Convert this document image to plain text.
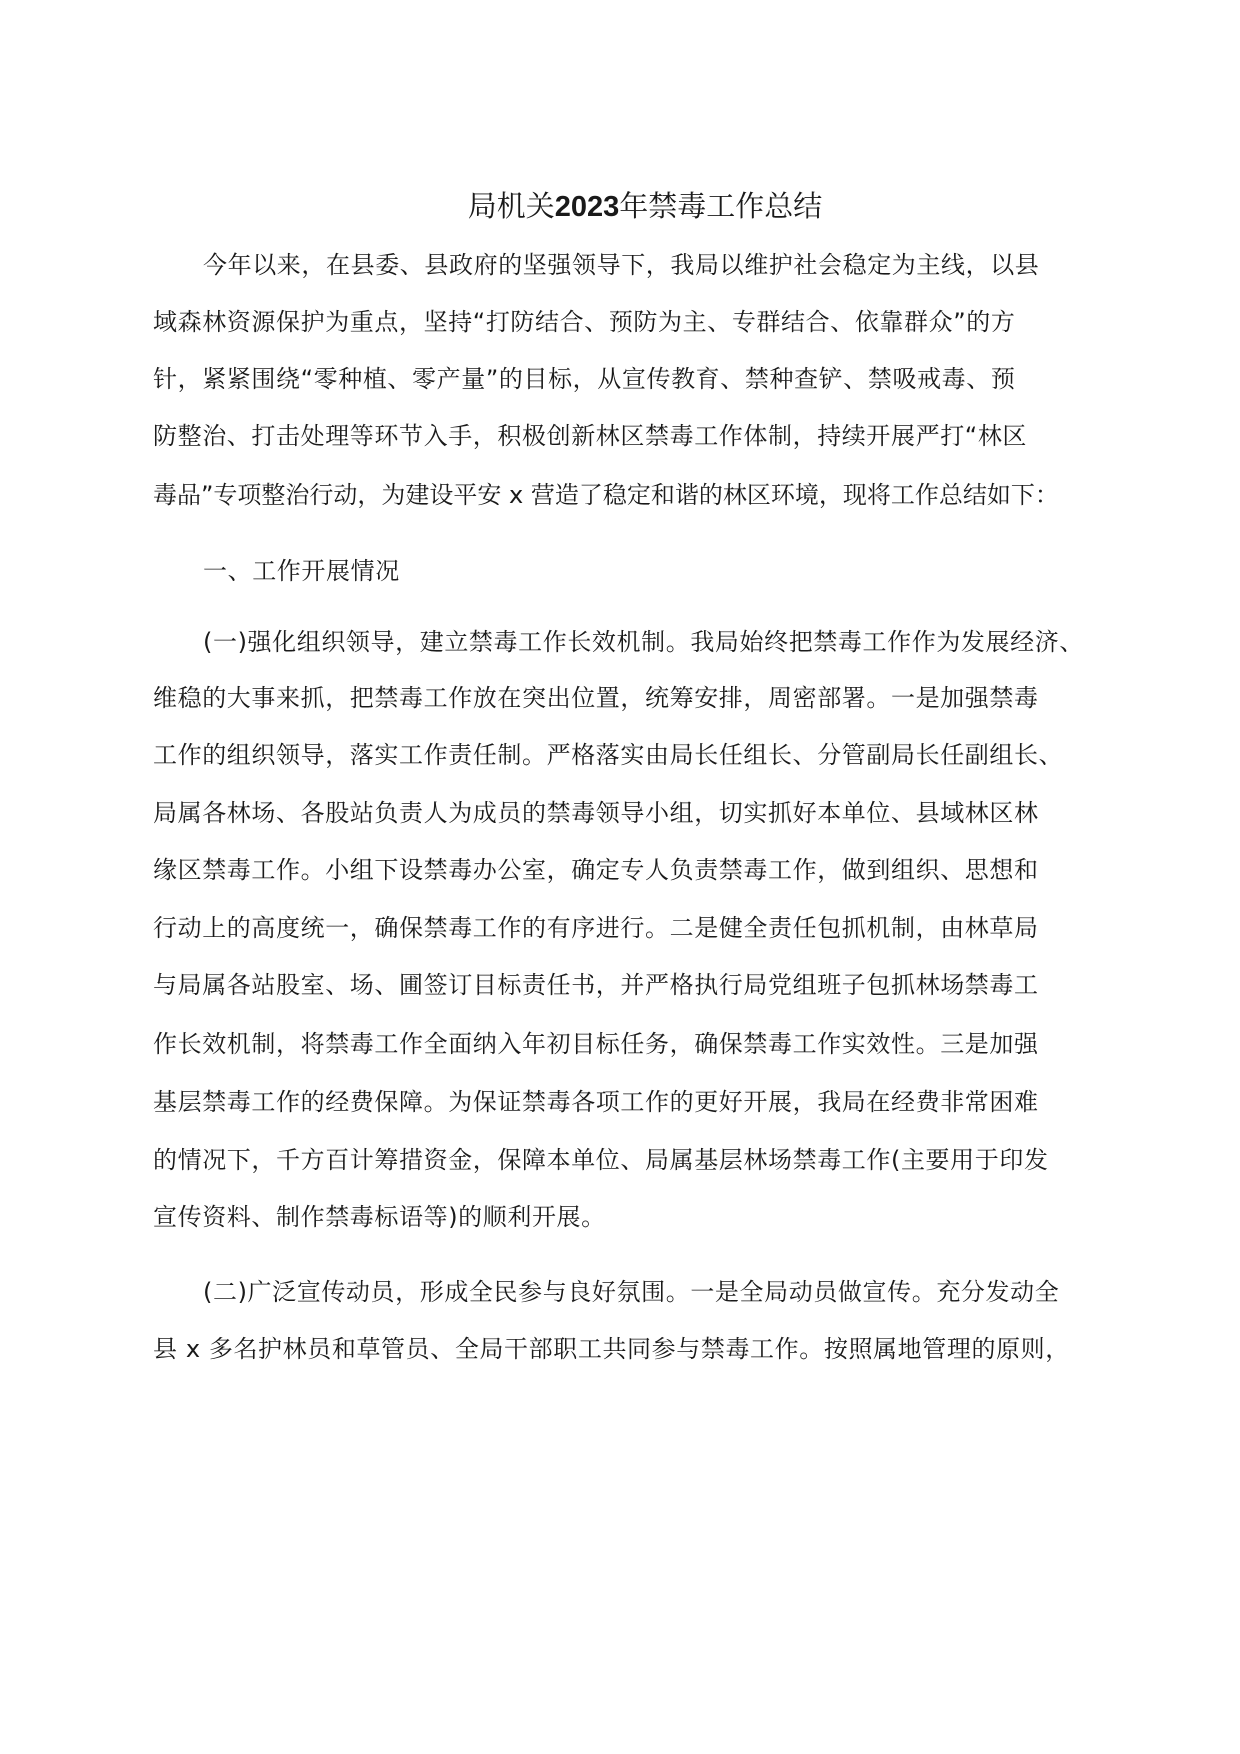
局机关2023年禁毒工作总结
今年以来，在县委、县政府的坚强领导下，我局以维护社会稳定为主线，以县
域森林资源保护为重点，坚持“打防结合、预防为主、专群结合、依靠群众”的方
针，紧紧围绕“零种植、零产量”的目标，从宣传教育、禁种查铲、禁吸戒毒、预
防整治、打击处理等环节入手，积极创新林区禁毒工作体制，持续开展严打“林区
毒品”专项整治行动，为建设平安 x 营造了稳定和谐的林区环境，现将工作总结如下：
一、工作开展情况
(一)强化组织领导，建立禁毒工作长效机制。我局始终把禁毒工作作为发展经济、
维稳的大事来抓，把禁毒工作放在突出位置，统筹安排，周密部署。一是加强禁毒
工作的组织领导，落实工作责任制。严格落实由局长任组长、分管副局长任副组长、
局属各林场、各股站负责人为成员的禁毒领导小组，切实抓好本单位、县域林区林
缘区禁毒工作。小组下设禁毒办公室，确定专人负责禁毒工作，做到组织、思想和
行动上的高度统一，确保禁毒工作的有序进行。二是健全责任包抓机制，由林草局
与局属各站股室、场、圃签订目标责任书，并严格执行局党组班子包抓林场禁毒工
作长效机制，将禁毒工作全面纳入年初目标任务，确保禁毒工作实效性。三是加强
基层禁毒工作的经费保障。为保证禁毒各项工作的更好开展，我局在经费非常困难
的情况下，千方百计筹措资金，保障本单位、局属基层林场禁毒工作(主要用于印发
宣传资料、制作禁毒标语等)的顺利开展。
(二)广泛宣传动员，形成全民参与良好氛围。一是全局动员做宣传。充分发动全
县 x 多名护林员和草管员、全局干部职工共同参与禁毒工作。按照属地管理的原则，
